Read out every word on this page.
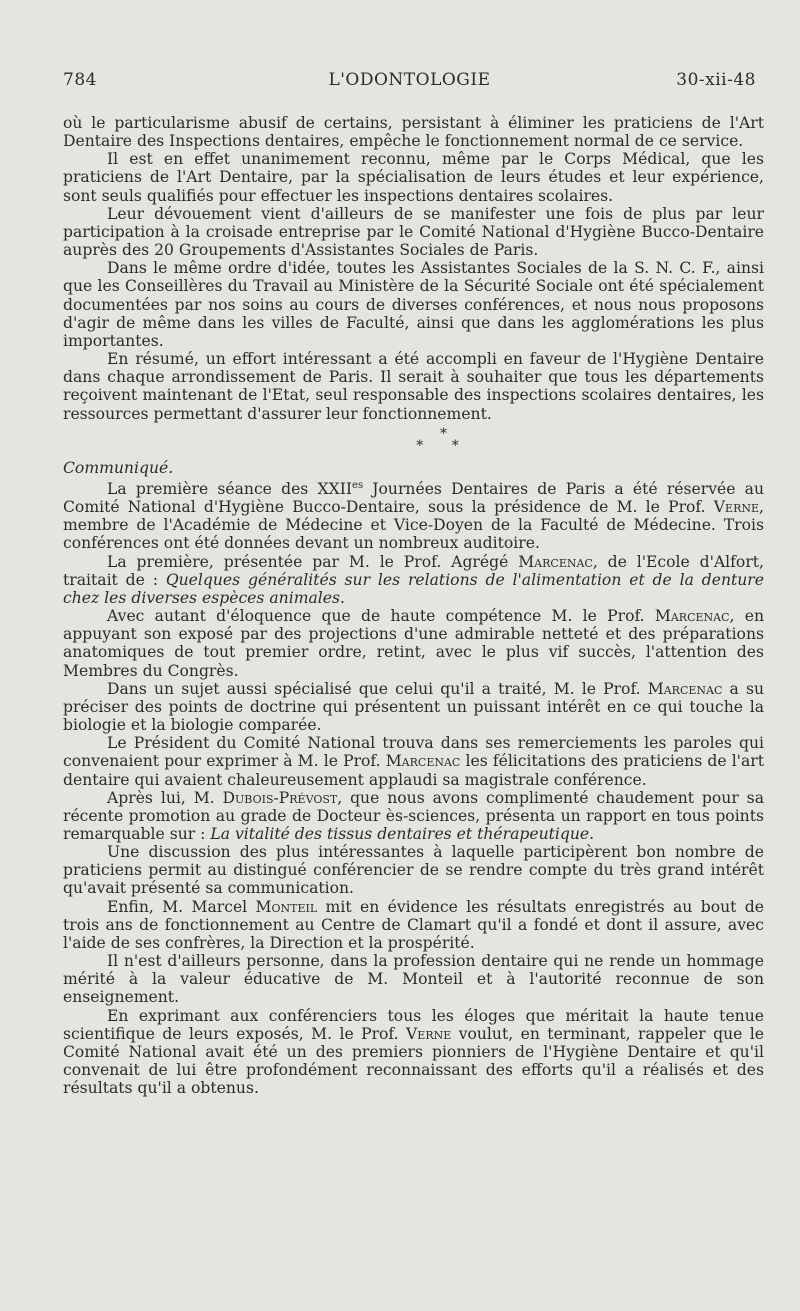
784	L'ODONTOLOGIE	30-xii-48

où le particularisme abusif de certains, persistant à éliminer les praticiens de l'Art Dentaire des Inspections dentaires, empêche le fonctionnement normal de ce service.

Il est en effet unanimement reconnu, même par le Corps Médical, que les praticiens de l'Art Dentaire, par la spécialisation de leurs études et leur expérience, sont seuls qualifiés pour effectuer les inspections dentaires scolaires.

Leur dévouement vient d'ailleurs de se manifester une fois de plus par leur participation à la croisade entreprise par le Comité National d'Hygiène Bucco-Dentaire auprès des 20 Groupements d'Assistantes Sociales de Paris.

Dans le même ordre d'idée, toutes les Assistantes Sociales de la S. N. C. F., ainsi que les Conseillères du Travail au Ministère de la Sécurité Sociale ont été spécialement documentées par nos soins au cours de diverses conférences, et nous nous proposons d'agir de même dans les villes de Faculté, ainsi que dans les agglomérations les plus importantes.

En résumé, un effort intéressant a été accompli en faveur de l'Hygiène Dentaire dans chaque arrondissement de Paris. Il serait à souhaiter que tous les départements reçoivent maintenant de l'Etat, seul responsable des inspections scolaires dentaires, les ressources permettant d'assurer leur fonctionnement.

*
* *

Communiqué.

La première séance des $XXII^{es}$ Journées Dentaires de Paris a été réservée au Comité National d'Hygiène Bucco-Dentaire, sous la présidence de M. le Prof. Verne, membre de l'Académie de Médecine et Vice-Doyen de la Faculté de Médecine. Trois conférences ont été données devant un nombreux auditoire.

La première, présentée par M. le Prof. Agrégé Marcenac, de l'Ecole d'Alfort, traitait de : Quelques généralités sur les relations de l'alimentation et de la denture chez les diverses espèces animales.

Avec autant d'éloquence que de haute compétence M. le Prof. Marcenac, en appuyant son exposé par des projections d'une admirable netteté et des préparations anatomiques de tout premier ordre, retint, avec le plus vif succès, l'attention des Membres du Congrès.

Dans un sujet aussi spécialisé que celui qu'il a traité, M. le Prof. Marcenac a su préciser des points de doctrine qui présentent un puissant intérêt en ce qui touche la biologie et la biologie comparée.

Le Président du Comité National trouva dans ses remerciements les paroles qui convenaient pour exprimer à M. le Prof. Marcenac les félicitations des praticiens de l'art dentaire qui avaient chaleureusement applaudi sa magistrale conférence.

Après lui, M. Dubois-Prévost, que nous avons complimenté chaudement pour sa récente promotion au grade de Docteur ès-sciences, présenta un rapport en tous points remarquable sur : La vitalité des tissus dentaires et thérapeutique.

Une discussion des plus intéressantes à laquelle participèrent bon nombre de praticiens permit au distingué conférencier de se rendre compte du très grand intérêt qu'avait présenté sa communication.

Enfin, M. Marcel Monteil mit en évidence les résultats enregistrés au bout de trois ans de fonctionnement au Centre de Clamart qu'il a fondé et dont il assure, avec l'aide de ses confrères, la Direction et la prospérité.

Il n'est d'ailleurs personne, dans la profession dentaire qui ne rende un hommage mérité à la valeur éducative de M. Monteil et à l'autorité reconnue de son enseignement.

En exprimant aux conférenciers tous les éloges que méritait la haute tenue scientifique de leurs exposés, M. le Prof. Verne voulut, en terminant, rappeler que le Comité National avait été un des premiers pionniers de l'Hygiène Dentaire et qu'il convenait de lui être profondément reconnaissant des efforts qu'il a réalisés et des résultats qu'il a obtenus.
